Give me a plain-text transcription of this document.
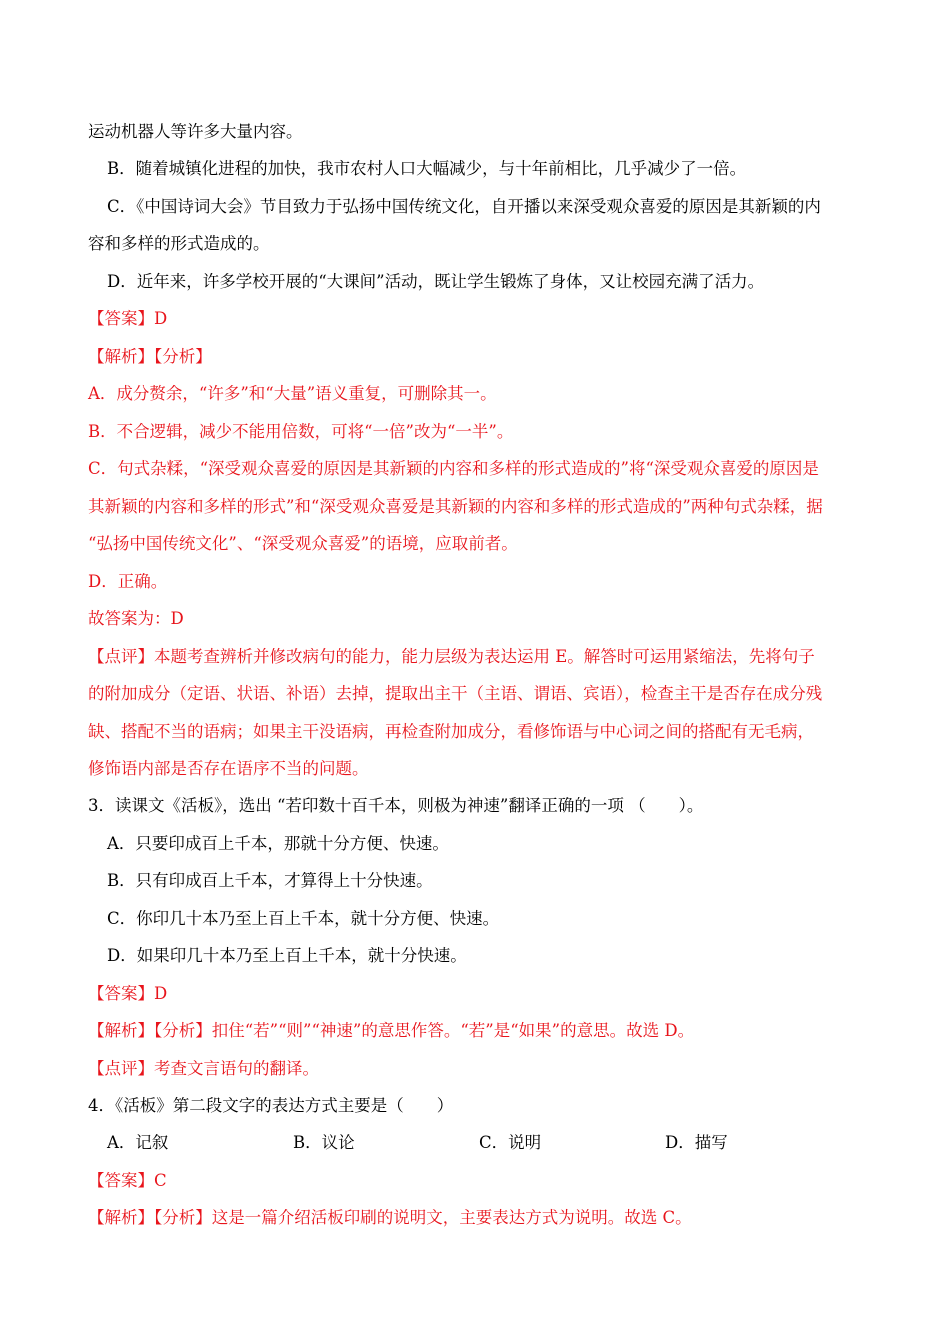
运动机器人等许多大量内容。
B．随着城镇化进程的加快，我市农村人口大幅减少，与十年前相比，几乎减少了一倍。
C．《中国诗词大会》节目致力于弘扬中国传统文化，自开播以来深受观众喜爱的原因是其新颖的内
容和多样的形式造成的。
D．近年来，许多学校开展的“大课间”活动，既让学生锻炼了身体，又让校园充满了活力。
【答案】D
【解析】【分析】
A．成分赘余，“许多”和“大量”语义重复，可删除其一。
B．不合逻辑，减少不能用倍数，可将“一倍”改为“一半”。
C．句式杂糅，“深受观众喜爱的原因是其新颖的内容和多样的形式造成的”将“深受观众喜爱的原因是
其新颖的内容和多样的形式”和“深受观众喜爱是其新颖的内容和多样的形式造成的”两种句式杂糅，据
“弘扬中国传统文化”、“深受观众喜爱”的语境，应取前者。
D．正确。
故答案为：D
【点评】本题考查辨析并修改病句的能力，能力层级为表达运用 E。解答时可运用紧缩法，先将句子
的附加成分（定语、状语、补语）去掉，提取出主干（主语、谓语、宾语），检查主干是否存在成分残
缺、搭配不当的语病；如果主干没语病，再检查附加成分，看修饰语与中心词之间的搭配有无毛病，
修饰语内部是否存在语序不当的问题。
3．读课文《活板》，选出 “若印数十百千本，则极为神速”翻译正确的一项 （　　）。
A．只要印成百上千本，那就十分方便、快速。
B．只有印成百上千本，才算得上十分快速。
C．你印几十本乃至上百上千本，就十分方便、快速。
D．如果印几十本乃至上百上千本，就十分快速。
【答案】D
【解析】【分析】扣住“若”“则”“神速”的意思作答。“若”是“如果”的意思。故选 D。
【点评】考查文言语句的翻译。
4．《活板》第二段文字的表达方式主要是（　　）
A．记叙	B．议论	C．说明	D．描写
【答案】C
【解析】【分析】这是一篇介绍活板印刷的说明文，主要表达方式为说明。故选 C。
